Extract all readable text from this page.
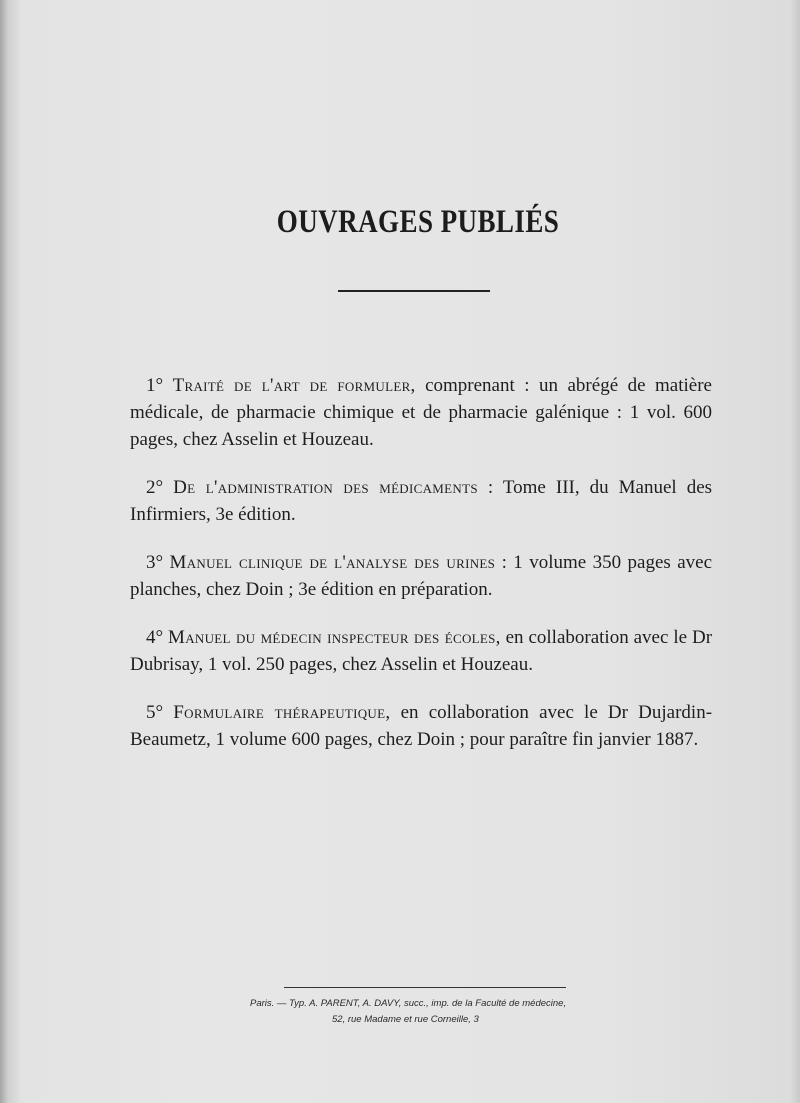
OUVRAGES PUBLIÉS

1° Traité de l'art de formuler, comprenant : un abrégé de matière médicale, de pharmacie chimique et de pharmacie galénique : 1 vol. 600 pages, chez Asselin et Houzeau.

2° De l'administration des médicaments : Tome III, du Manuel des Infirmiers, 3e édition.

3° Manuel clinique de l'analyse des urines : 1 volume 350 pages avec planches, chez Doin ; 3e édition en préparation.

4° Manuel du médecin inspecteur des écoles, en collaboration avec le Dr Dubrisay, 1 vol. 250 pages, chez Asselin et Houzeau.

5° Formulaire thérapeutique, en collaboration avec le Dr Dujardin-Beaumetz, 1 volume 600 pages, chez Doin ; pour paraître fin janvier 1887.

Paris. — Typ. A. PARENT, A. DAVY, succ., imp. de la Faculté de médecine,
52, rue Madame et rue Corneille, 3
